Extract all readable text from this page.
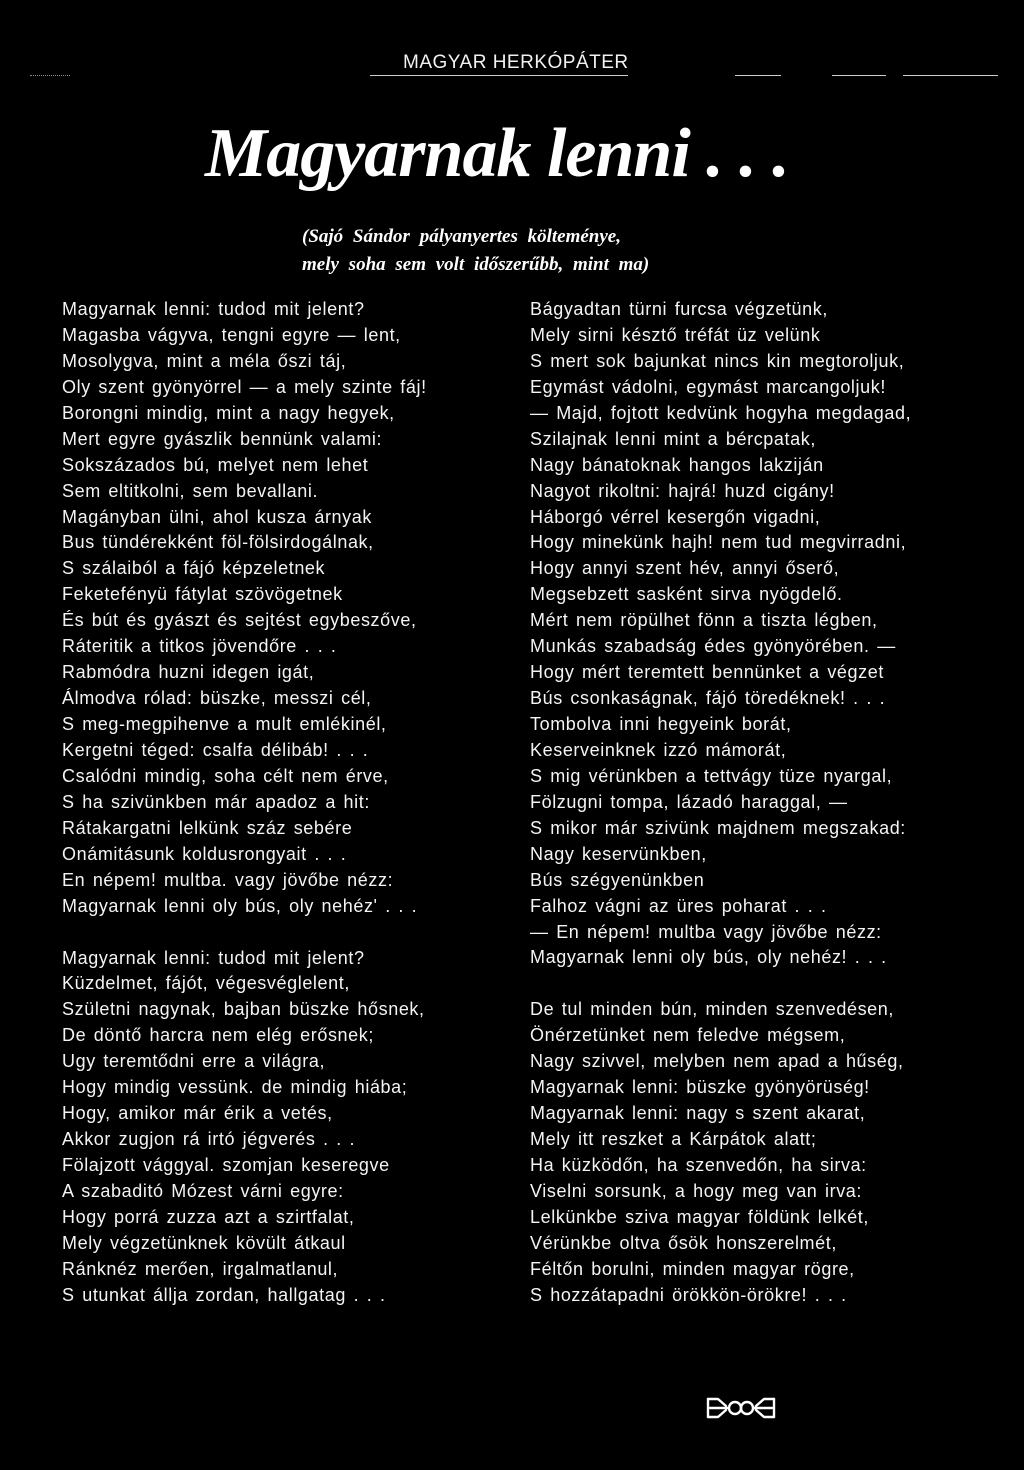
MAGYAR HERKÓPÁTER
Magyarnak lenni . . .
(Sajó Sándor pályanyertes költeménye,
mely soha sem volt időszerűbb, mint ma)
Magyarnak lenni: tudod mit jelent?
Magasba vágyva, tengni egyre — lent,
Mosolygva, mint a méla őszi táj,
Oly szent gyönyörrel — a mely szinte fáj!
Borongni mindig, mint a nagy hegyek,
Mert egyre gyászlik bennünk valami:
Sokszázados bú, melyet nem lehet
Sem eltitkolni, sem bevallani.
Magányban ülni, ahol kusza árnyak
Bus tündérekként föl-fölsirdogálnak,
S szálaiból a fájó képzeletnek
Feketefényü fátylat szövögetnek
És bút és gyászt és sejtést egybeszőve,
Ráteritik a titkos jövendőre . . .
Rabmódra huzni idegen igát,
Álmodva rólad: büszke, messzi cél,
S meg-megpihenve a mult emlékinél,
Kergetni téged: csalfa délibáb! . . .
Csalódni mindig, soha célt nem érve,
S ha szivünkben már apadoz a hit:
Rátakargatni lelkünk száz sebére
Onámitásunk koldusrongyait . . .
En népem! multba. vagy jövőbe nézz:
Magyarnak lenni oly bús, oly nehéz' . . .
Magyarnak lenni: tudod mit jelent?
Küzdelmet, fájót, végesvéglelent,
Születni nagynak, bajban büszke hősnek,
De döntő harcra nem elég erősnek;
Ugy teremtődni erre a világra,
Hogy mindig vessünk. de mindig hiába;
Hogy, amikor már érik a vetés,
Akkor zugjon rá irtó jégverés . . .
Fölajzott vággyal. szomjan keseregve
A szabaditó Mózest várni egyre:
Hogy porrá zuzza azt a szirtfalat,
Mely végzetünknek kövült átkaul
Ránknéz merően, irgalmatlanul,
S utunkat állja zordan, hallgatag . . .
Bágyadtan türni furcsa végzetünk,
Mely sirni késztő tréfát üz velünk
S mert sok bajunkat nincs kin megtoroljuk,
Egymást vádolni, egymást marcangoljuk!
— Majd, fojtott kedvünk hogyha megdagad,
Szilajnak lenni mint a bércpatak,
Nagy bánatoknak hangos lakziján
Nagyot rikoltni: hajrá! huzd cigány!
Háborgó vérrel kesergőn vigadni,
Hogy minekünk hajh! nem tud megvirradni,
Hogy annyi szent hév, annyi őserő,
Megsebzett sasként sirva nyögdelő.
Mért nem röpülhet fönn a tiszta légben,
Munkás szabadság édes gyönyörében. —
Hogy mért teremtett bennünket a végzet
Bús csonkaságnak, fájó töredéknek! . . .
Tombolva inni hegyeink borát,
Keserveinknek izzó mámorát,
S mig vérünkben a tettvágy tüze nyargal,
Fölzugni tompa, lázadó haraggal, —
S mikor már szivünk majdnem megszakad:
Nagy keservünkben,
Bús szégyenünkben
Falhoz vágni az üres poharat . . .
— En népem! multba vagy jövőbe nézz:
Magyarnak lenni oly bús, oly nehéz! . . .
De tul minden bún, minden szenvedésen,
Önérzetünket nem feledve mégsem,
Nagy szivvel, melyben nem apad a hűség,
Magyarnak lenni: büszke gyönyörüség!
Magyarnak lenni: nagy s szent akarat,
Mely itt reszket a Kárpátok alatt;
Ha küzködőn, ha szenvedőn, ha sirva:
Viselni sorsunk, a hogy meg van irva:
Lelkünkbe sziva magyar földünk lelkét,
Vérünkbe oltva ősök honszerelmét,
Féltőn borulni, minden magyar rögre,
S hozzátapadni örökkön-örökre! . . .
